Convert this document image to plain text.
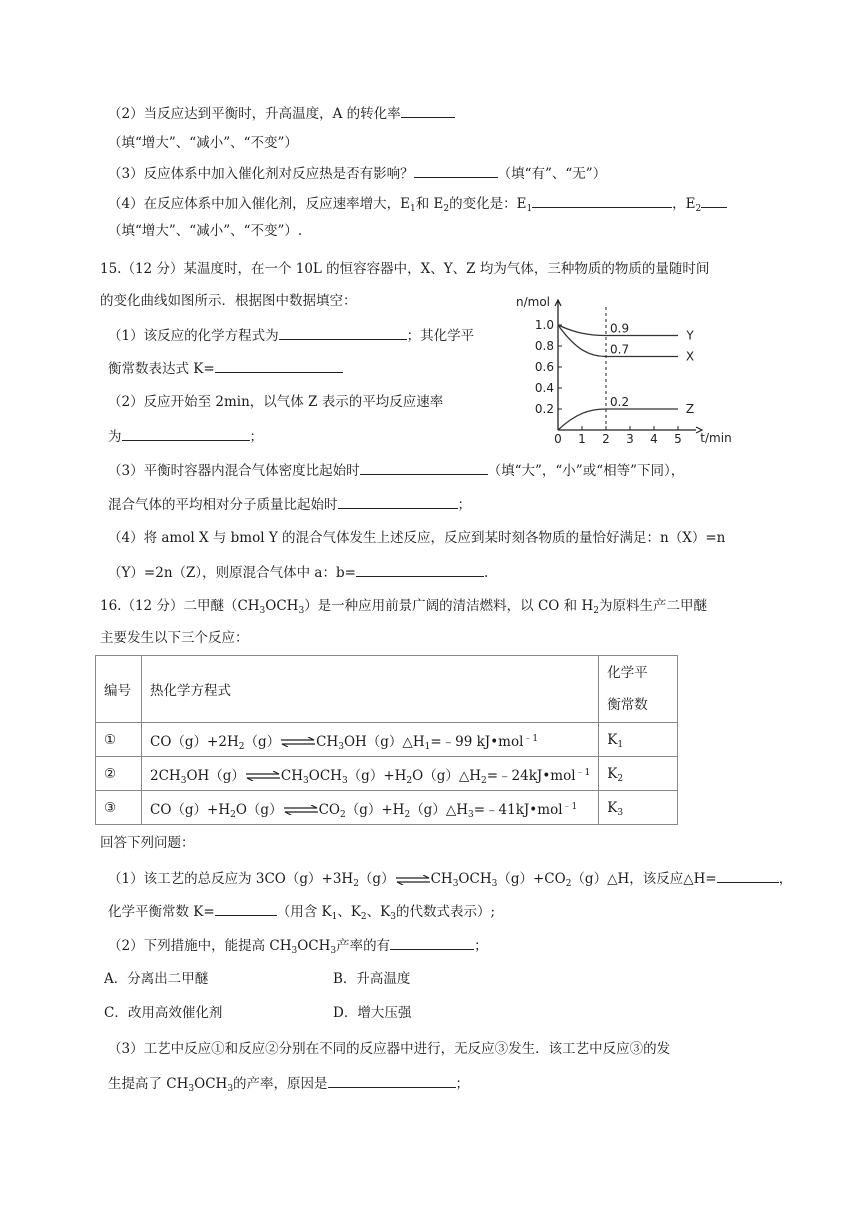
（2）当反应达到平衡时，升高温度，A 的转化率
（填“增大”、“减小”、“不变”）
（3）反应体系中加入催化剂对反应热是否有影响？	（填“有”、“无”）
（4）在反应体系中加入催化剂，反应速率增大，$E_1$和 $E_2$的变化是：$E_1$	，$E_2$
（填“增大”、“减小”、“不变”）.
15.（12 分）某温度时，在一个 10L 的恒容容器中，X、Y、Z 均为气体，三种物质的物质的量随时间
的变化曲线如图所示．根据图中数据填空：
（1）该反应的化学方程式为	；其化学平
衡常数表达式 K=
（2）反应开始至 2min，以气体 Z 表示的平均反应速率
为	；
n/mol
t/min
1.0
0.8
0.6
0.4
0.2
0 1 2 3 4 5
0.9	Y
0.7	X
0.2	Z
（3）平衡时容器内混合气体密度比起始时	（填“大”，“小”或“相等”下同），
混合气体的平均相对分子质量比起始时	；
（4）将 amol X 与 bmol Y 的混合气体发生上述反应，反应到某时刻各物质的量恰好满足：n（X）=n
（Y）=2n（Z），则原混合气体中 a：b=	.
16.（12 分）二甲醚$(CH_3OCH_3)$是一种应用前景广阔的清洁燃料，以 CO 和 $H_2$为原料生产二甲醚
主要发生以下三个反应：
编号	热化学方程式	化学平
衡常数
①	$CO(g)+2H_2(g)\rightleftharpoons CH_3OH(g)\triangle H_1=﹣99$ kJ•mol$^{﹣1}$	$K_1$
②	$2CH_3OH(g)\rightleftharpoons CH_3OCH_3(g)+H_2O(g)\triangle H_2=﹣24kJ•mol^{﹣1}$	$K_2$
③	$CO(g)+H_2O(g)\rightleftharpoons CO_2(g)+H_2(g)\triangle H_3=﹣41kJ•mol^{﹣1}$	$K_3$
回答下列问题：
（1）该工艺的总反应为 $3CO(g)+3H_2(g)\rightleftharpoons CH_3OCH_3(g)+CO_2(g)\triangle H$，该反应△H=	，
化学平衡常数 K=	（用含 $K_1$、$K_2$、$K_3$的代数式表示）;
（2）下列措施中，能提高 $CH_3OCH_3$产率的有	；
A．分离出二甲醚	B．升高温度
C．改用高效催化剂	D．增大压强
（3）工艺中反应①和反应②分别在不同的反应器中进行，无反应③发生．该工艺中反应③的发
生提高了 $CH_3OCH_3$的产率，原因是	；
